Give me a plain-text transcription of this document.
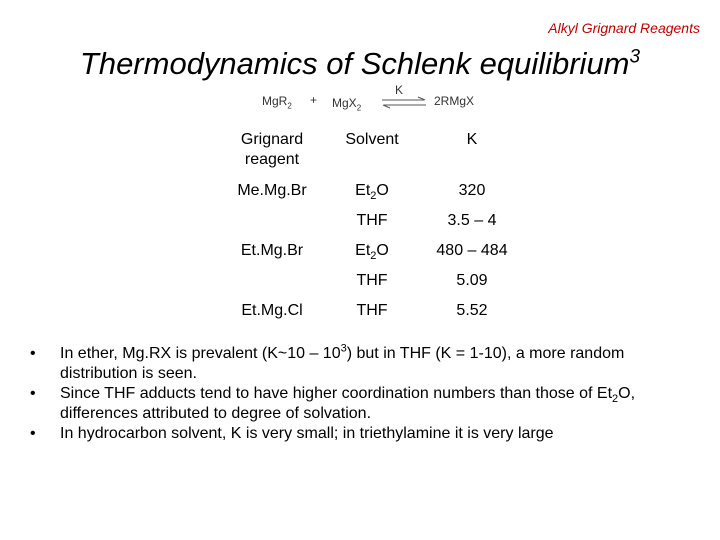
Alkyl Grignard Reagents
Thermodynamics of Schlenk equilibrium$^3$
MgR$_2$ + MgX$_2$
K
⇌ 2RMgX
Grignard
reagent	Solvent	K
Me.Mg.Br	$Et_2O$	320
	THF	3.5 – 4
Et.Mg.Br	$Et_2O$	480 – 484
	THF	5.09
Et.Mg.Cl	THF	5.52
• In ether, Mg.RX is prevalent (K~10 – $10^3$) but in THF (K = 1-10), a more random distribution is seen.
• Since THF adducts tend to have higher coordination numbers than those of $Et_2O$, differences attributed to degree of solvation.
• In hydrocarbon solvent, K is very small; in triethylamine it is very large
